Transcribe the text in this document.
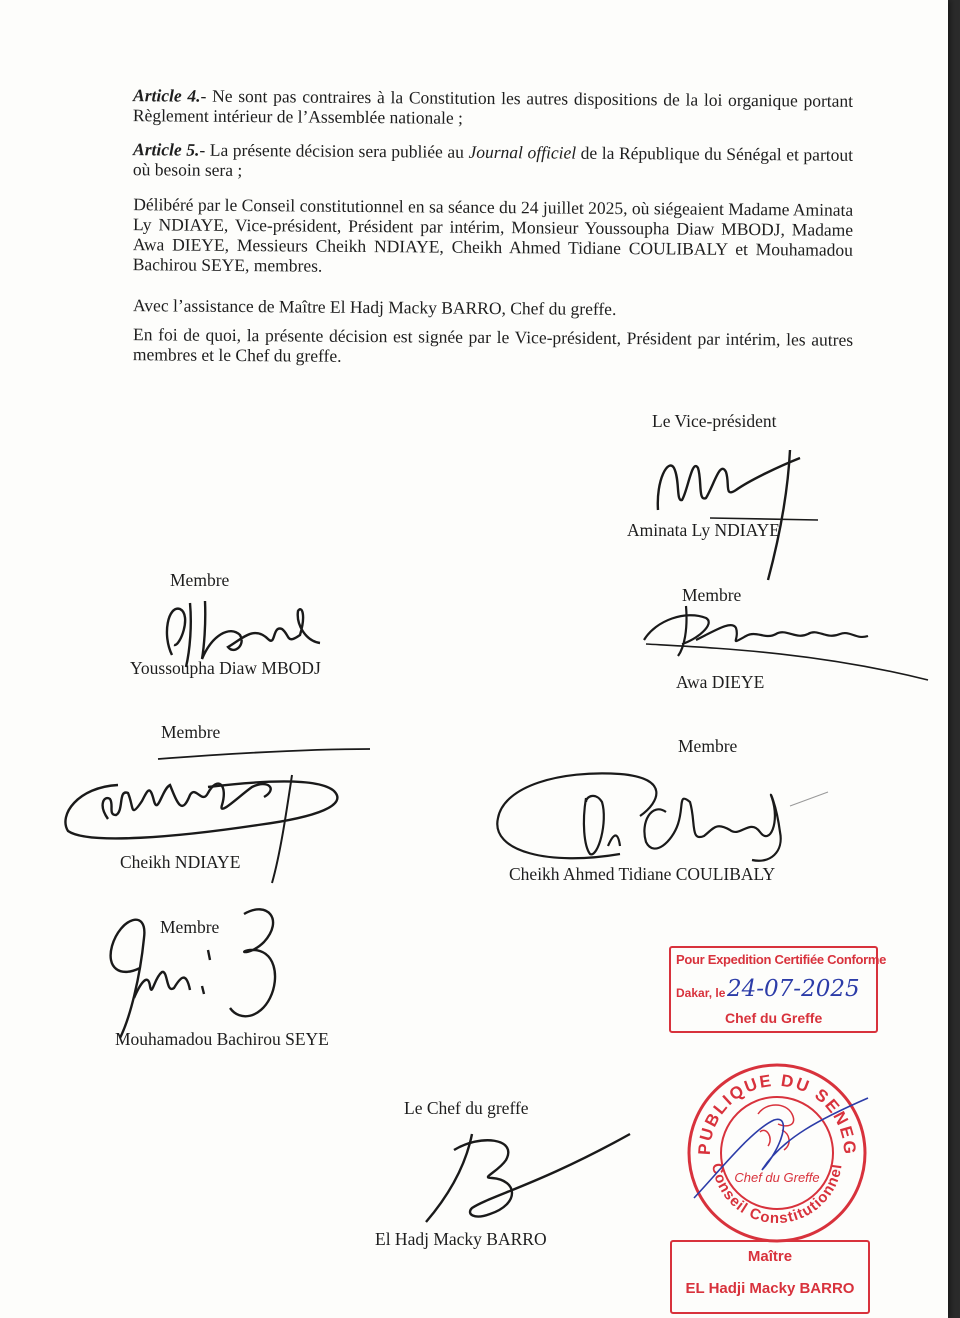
Article 4.- Ne sont pas contraires à la Constitution les autres dispositions de la loi organique portant Règlement intérieur de l’Assemblée nationale ;
Article 5.- La présente décision sera publiée au Journal officiel de la République du Sénégal et partout où besoin sera ;
Délibéré par le Conseil constitutionnel en sa séance du 24 juillet 2025, où siégeaient Madame Aminata Ly NDIAYE, Vice-président, Président par intérim, Monsieur Youssoupha Diaw MBODJ, Madame Awa DIEYE, Messieurs Cheikh NDIAYE, Cheikh Ahmed Tidiane COULIBALY et Mouhamadou Bachirou SEYE, membres.
Avec l’assistance de Maître El Hadj Macky BARRO, Chef du greffe.
En foi de quoi, la présente décision est signée par le Vice-président, Président par intérim, les autres membres et le Chef du greffe.
Le Vice-président
Aminata Ly NDIAYE
Membre
Youssoupha Diaw MBODJ
Membre
Awa DIEYE
Membre
Cheikh NDIAYE
Membre
Cheikh Ahmed Tidiane COULIBALY
Membre
Mouhamadou Bachirou SEYE
Le Chef du greffe
El Hadj Macky BARRO
Pour Expedition Certifiée Conforme
Dakar, le 24-07-2025
Chef du Greffe
REPUBLIQUE DU SENEGAL
Conseil Constitutionnel
Chef du Greffe
Maître
EL Hadji Macky BARRO
